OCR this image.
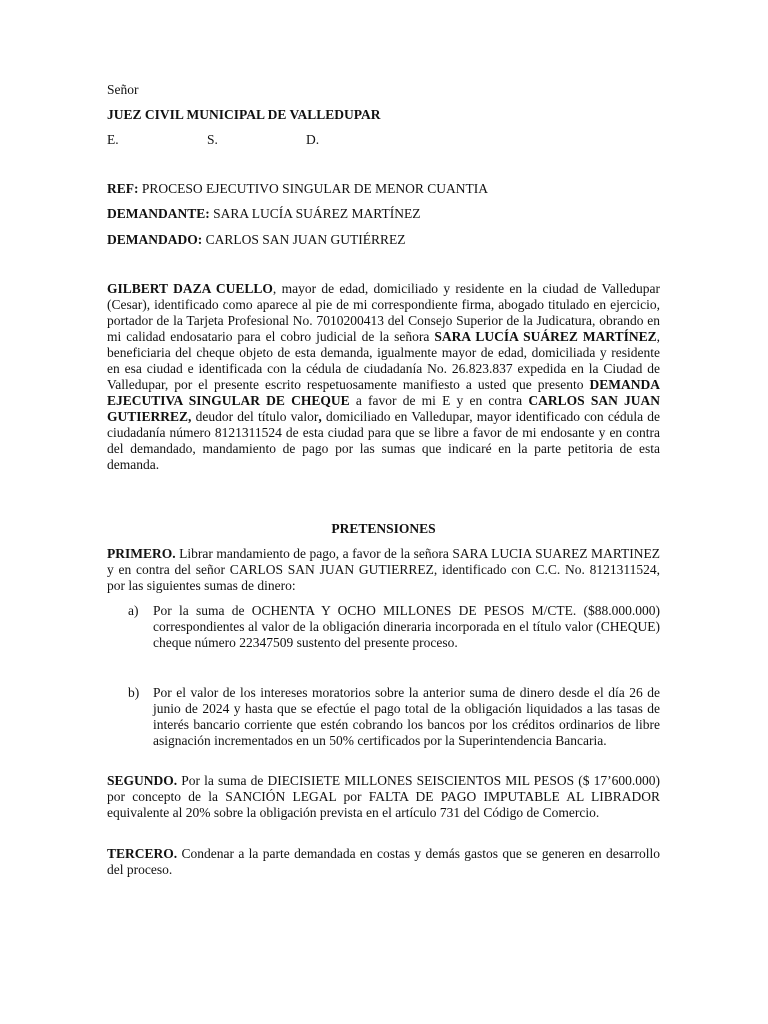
Señor

JUEZ CIVIL MUNICIPAL DE VALLEDUPAR

E.	S.	D.

REF: PROCESO EJECUTIVO SINGULAR DE MENOR CUANTIA

DEMANDANTE: SARA LUCÍA SUÁREZ MARTÍNEZ

DEMANDADO: CARLOS SAN JUAN GUTIÉRREZ

GILBERT DAZA CUELLO, mayor de edad, domiciliado y residente en la ciudad de Valledupar (Cesar), identificado como aparece al pie de mi correspondiente firma, abogado titulado en ejercicio, portador de la Tarjeta Profesional No. 7010200413 del Consejo Superior de la Judicatura, obrando en mi calidad endosatario para el cobro judicial de la señora SARA LUCÍA SUÁREZ MARTÍNEZ, beneficiaria del cheque objeto de esta demanda, igualmente mayor de edad, domiciliada y residente en esa ciudad e identificada con la cédula de ciudadanía No. 26.823.837 expedida en la Ciudad de Valledupar, por el presente escrito respetuosamente manifiesto a usted que presento DEMANDA EJECUTIVA SINGULAR DE CHEQUE a favor de mi E y en contra CARLOS SAN JUAN GUTIERREZ, deudor del título valor, domiciliado en Valledupar, mayor identificado con cédula de ciudadanía número 8121311524 de esta ciudad para que se libre a favor de mi endosante y en contra del demandado, mandamiento de pago por las sumas que indicaré en la parte petitoria de esta demanda.

PRETENSIONES

PRIMERO. Librar mandamiento de pago, a favor de la señora SARA LUCIA SUAREZ MARTINEZ y en contra del señor CARLOS SAN JUAN GUTIERREZ, identificado con C.C. No. 8121311524, por las siguientes sumas de dinero:

a) Por la suma de OCHENTA Y OCHO MILLONES DE PESOS M/CTE. ($88.000.000) correspondientes al valor de la obligación dineraria incorporada en el título valor (CHEQUE) cheque número 22347509 sustento del presente proceso.

b) Por el valor de los intereses moratorios sobre la anterior suma de dinero desde el día 26 de junio de 2024 y hasta que se efectúe el pago total de la obligación liquidados a las tasas de interés bancario corriente que estén cobrando los bancos por los créditos ordinarios de libre asignación incrementados en un 50% certificados por la Superintendencia Bancaria.

SEGUNDO. Por la suma de DIECISIETE MILLONES SEISCIENTOS MIL PESOS ($ 17’600.000) por concepto de la SANCIÓN LEGAL por FALTA DE PAGO IMPUTABLE AL LIBRADOR equivalente al 20% sobre la obligación prevista en el artículo 731 del Código de Comercio.

TERCERO. Condenar a la parte demandada en costas y demás gastos que se generen en desarrollo del proceso.
